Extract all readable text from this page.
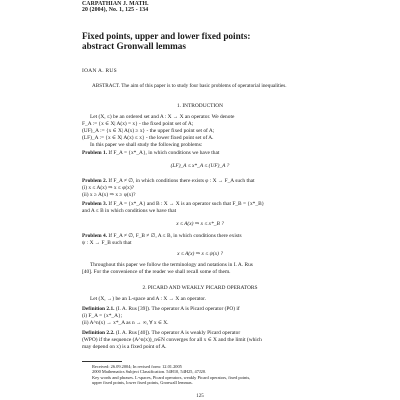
CARPATHIAN J. MATH.
20 (2004), No. 1, 125 - 134
Fixed points, upper and lower fixed points:
abstract Gronwall lemmas
IOAN A. RUS
ABSTRACT. The aim of this paper is to study four basic problems of operatorial inequalities.
1. INTRODUCTION
Let (X, ≤) be an ordered set and A : X → X an operator. We denote
F_A := {x ∈ X| A(x) = x} - the fixed point set of A;
(UF)_A := {x ∈ X| A(x) ≥ x} - the upper fixed point set of A;
(LF)_A := {x ∈ X| A(x) ≤ x} - the lower fixed point set of A.
In this paper we shall study the following problems:
Problem 1. If F_A = {x*_A}, in which conditions we have that
(LF)_A ≤ x*_A ≤ (UF)_A ?
Problem 2. If F_A ≠ ∅, in which conditions there exists φ : X → F_A such that
(i) x ≤ A(x) ⇒ x ≤ φ(x)?
(ii) x ≥ A(x) ⇒ x ≥ φ(x)?
Problem 3. If F_A = {x*_A} and B : X → X is an operator such that F_B = {x*_B}
and A ≤ B in which conditions we have that
x ≤ A(x) ⇒ x ≤ x*_B ?
Problem 4. If F_A ≠ ∅, F_B ≠ ∅, A ≤ B, in which conditions there exists
ψ : X → F_B such that
x ≤ A(x) ⇒ x ≤ ψ(x) ?
Throughout this paper we follow the terminology and notations in I. A. Rus
[40]. For the convenience of the reader we shall recall some of them.
2. PICARD AND WEAKLY PICARD OPERATORS
Let (X, →) be an L-space and A : X → X an operator.
Definition 2.1. (I. A. Rus [39]). The operator A is Picard operator (PO) if
(i) F_A = {x*_A};
(ii) A^n(x) → x*_A as n → ∞, ∀ x ∈ X.
Definition 2.2. (I. A. Rus [40]). The operator A is weakly Picard operator
(WPO) if the sequence (A^n(x))_n∈N converges for all x ∈ X and the limit (which
may depend on x) is a fixed point of A.
Received: 26.09.2004; In revised form: 12.01.2005
2000 Mathematics Subject Classification. 54H10, 54H25, 47J20.
Key words and phrases. L-spaces, Picard operators, weakly Picard operators, fixed points,
upper fixed points, lower fixed points, Gronwall lemmas.
125
